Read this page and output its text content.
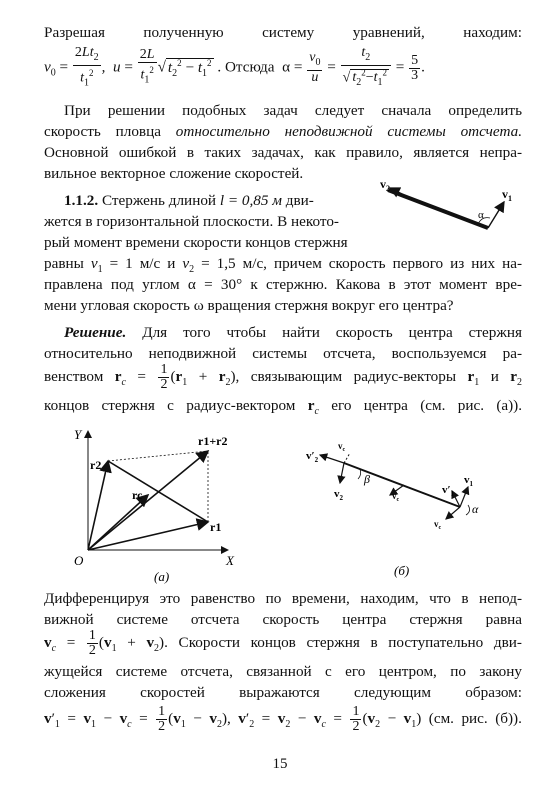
Разрешая полученную систему уравнений, находим:
$v_0 = \frac{2Lt_2}{t_1^2}$ ,  $u = \frac{2L}{t_1^2}$ √ $t_2^2 - t_1^2$ . Отсюда  $\alpha = \frac{v_0}{u} = \frac{t_2}{√ t_2^2-t_1^2} = \frac{5}{3}$ .
При решении подобных задач следует сначала определить
скорость пловца относительно неподвижной системы отсчета.
Основной ошибкой в таких задачах, как правило, является непра-
вильное векторное сложение скоростей.
1.1.2. Стержень длиной l = 0,85 м дви-
жется в горизонтальной плоскости. В некото-
рый момент времени скорости концов стержня
равны $v_1 = 1$ м/с и $v_2 = 1,5$ м/с, причем скорость первого из них на-
правлена под углом α = 30° к стержню. Какова в этот момент вре-
мени угловая скорость ω вращения стержня вокруг его центра?
$v_2$	$v_1$
α
Решение. Для того чтобы найти скорость центра стержня
относительно неподвижной системы отсчета, воспользуемся ра-
венством $r_c = \frac{1}{2} (r_1 + r_2)$, связывающим радиус-векторы $r_1$ и $r_2$
концов стержня с радиус-вектором $r_c$ его центра (см. рис. (а)).
Y
X
O
r2
r1
rc
r1+r2
(а)
$v'_2$
$v_2$
$v_c$
β
$v_c$
$v'_1$
$v_1$
$v_c$
α
(б)
Дифференцируя это равенство по времени, находим, что в непод-
вижной системе отсчета скорость центра стержня равна
$v_c = \frac{1}{2} (v_1 + v_2)$. Скорости концов стержня в поступательно дви-
жущейся системе отсчета, связанной с его центром, по закону
сложения скоростей выражаются следующим образом:
$v'_1 = v_1 - v_c = \frac{1}{2} (v_1 - v_2)$, $v'_2 = v_2 - v_c = \frac{1}{2} (v_2 - v_1)$ (см. рис. (б)).
15
